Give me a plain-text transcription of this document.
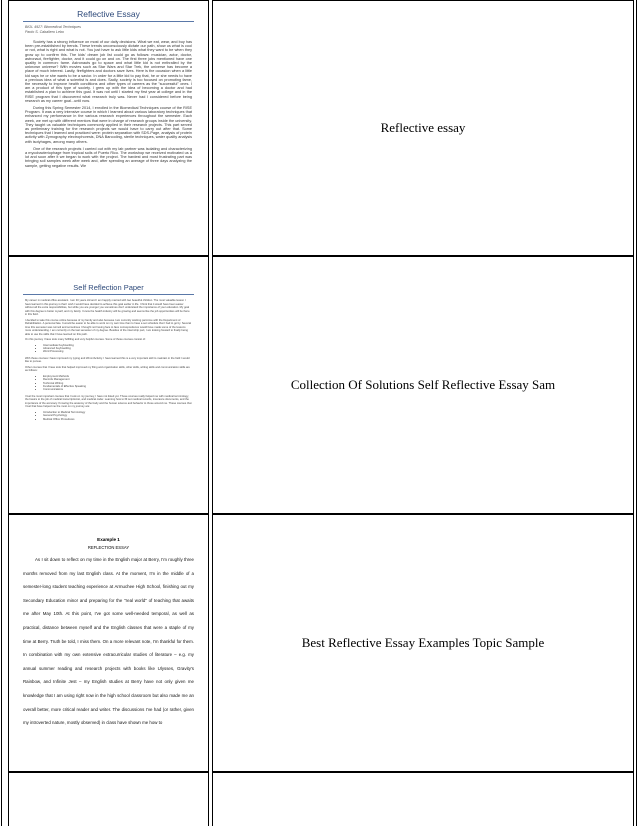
Reflective Essay
BIOL 4927: Biomedical Techniques
Paolo S. Caballero Lebo

Society has a strong influence on most of our daily decisions. What we eat, wear, and buy has been pre-established by trends. These trends unconsciously dictate our path, show us what is cool or not, what is right and what is not. You just have to ask little kids what they want to be when they grow up to confirm this. The kids' dream job list could go as follows: musician, actor, doctor, astronaut, firefighter, doctor, and it could go on and on. The first three jobs mentioned have one quality in common: fame. Astronauts go to space and what little kid is not enthralled by the unknown universe? With movies such as Star Wars and Star Trek, the universe has become a place of much interest. Lastly, firefighters and doctors save lives. Here is the occasion when a little kid says he or she wants to be a savior. In order for a little kid to pay that, he or she needs to have a previous idea of what a scientist is and does. Sadly, society is too focused on promoting fame, the necessity to improve health conditions and other types of careers as the "successful" ones. I am a product of this type of society. I grew up with the idea of becoming a doctor and had established a plan to achieve this goal. It was not until I started my first year at college and in the RISE program that I discovered what research truly was. Never had I considered before being research as my career goal...until now.

During this Spring Semester 2014, I enrolled in the Biomedical Techniques course of the RISE Program. It was a very intensive course in which I learned about various laboratory techniques that enhanced my performance in the various research experiences throughout the semester. Each week, we met up with different mentors that were in charge of research groups inside the university. They taught us valuable techniques commonly applied in their research projects. This part served as preliminary training for the research projects we would have to carry out after that. Some techniques that I learned and practiced were: protein separation with SDS-Page, analysis of protein activity with Zymography electrophoresis, DNA Barcoding, sterile techniques, water quality analysis with isotyhages, among many others.

One of the research projects I carried out with my lab partner was isolating and characterizing a mycobacteriophage from tropical soils of Puerto Rico. The workshop we received motivated us a lot and soon after it we began to work with the project. The hardest and most frustrating part was bringing soil samples week after week and, after spending an average of three days analyzing the sample, getting negative results. We

Reflective essay
Self Reflection Paper

My career in medical office assistant. I am 30 years old and I am happily married with two beautiful children. The most valuable lesson I have learned in this journey is that I wish I would have decided to achieve this goal earlier in life. I think that it would have been easier without all the extra responsibilities, but while you are younger you sometimes don't understand the importance of your education. My goal with this degree is better myself, and my family. I know the health industry will be growing and seems like the job opportunities will be there in this field.

I decided to take this course online because of my family and also because I am currently working part-time with the Department of Rehabilitation. A personal fate. It would be easier to be able to work on my own time than to have a set schedule that I had to go by. Several time this semester was turmoil and sometimes I thought not having face to face correspondence would have made some of the lessons more understanding. I am currently on the last semester of my degree. Besides of the internship part, I am looking forward to finally being able to use the skills that I have learned on this path.

On this journey I have took many fulfilling and very helpful courses. Some of those courses consist of:

• Intermediate Keyboarding
• Advanced Keyboarding
• Word Processing

With these courses I have improved my typing and Wmm/Activity. I have learned this is a very important skill to maintain in the field I would like to pursue.

Other courses that I have took that helped improved my filing and organization skills, other skills, writing skills and communication skills are as follows:

• Employment Methods
• Records Management
• Technical Writing
• Fundamentals of Effective Speaking
• Communications

I feel the most important courses that I took on my journey, I have not listed yet. These courses really helped me with medical terminology, the basics to the job of medical transcriptionist, and medical coder. Learning how to fill out medical records, insurance documents, and the importance of the accuracy. Knowing the anatomy of the body and the human science and behavior to those around me. These courses that I feel that have helped me the most on my journey are:

• Introduction to Medical Terminology
• General Psychology
• Medical Office Procedures
Collection Of Solutions Self Reflective Essay Sam
Example 1
REFLECTION ESSAY

As I sit down to reflect on my time in the English major at Berry, I'm roughly three months removed from my last English class. At the moment, I'm in the middle of a semester-long student teaching experience at Armuchee High School, finishing out my Secondary Education minor and preparing for the "real world" of teaching that awaits me after May 10th. At this point, I've got some well-needed temporal, as well as practical, distance between myself and the English classes that were a staple of my time at Berry. Truth be told, I miss them. On a more relevant note, I'm thankful for them. In combination with my own extensive extracurricular studies of literature – e.g. my annual summer reading and research projects with books like Ulysses, Gravity's Rainbow, and Infinite Jest – my English studies at Berry have not only given me knowledge that I am using right now in the high school classroom but also made me an overall better, more critical reader and writer. The discussions I've had (or rather, given my introverted nature, mostly observed) in class have shown me how to

Best Reflective Essay Examples Topic Sample
